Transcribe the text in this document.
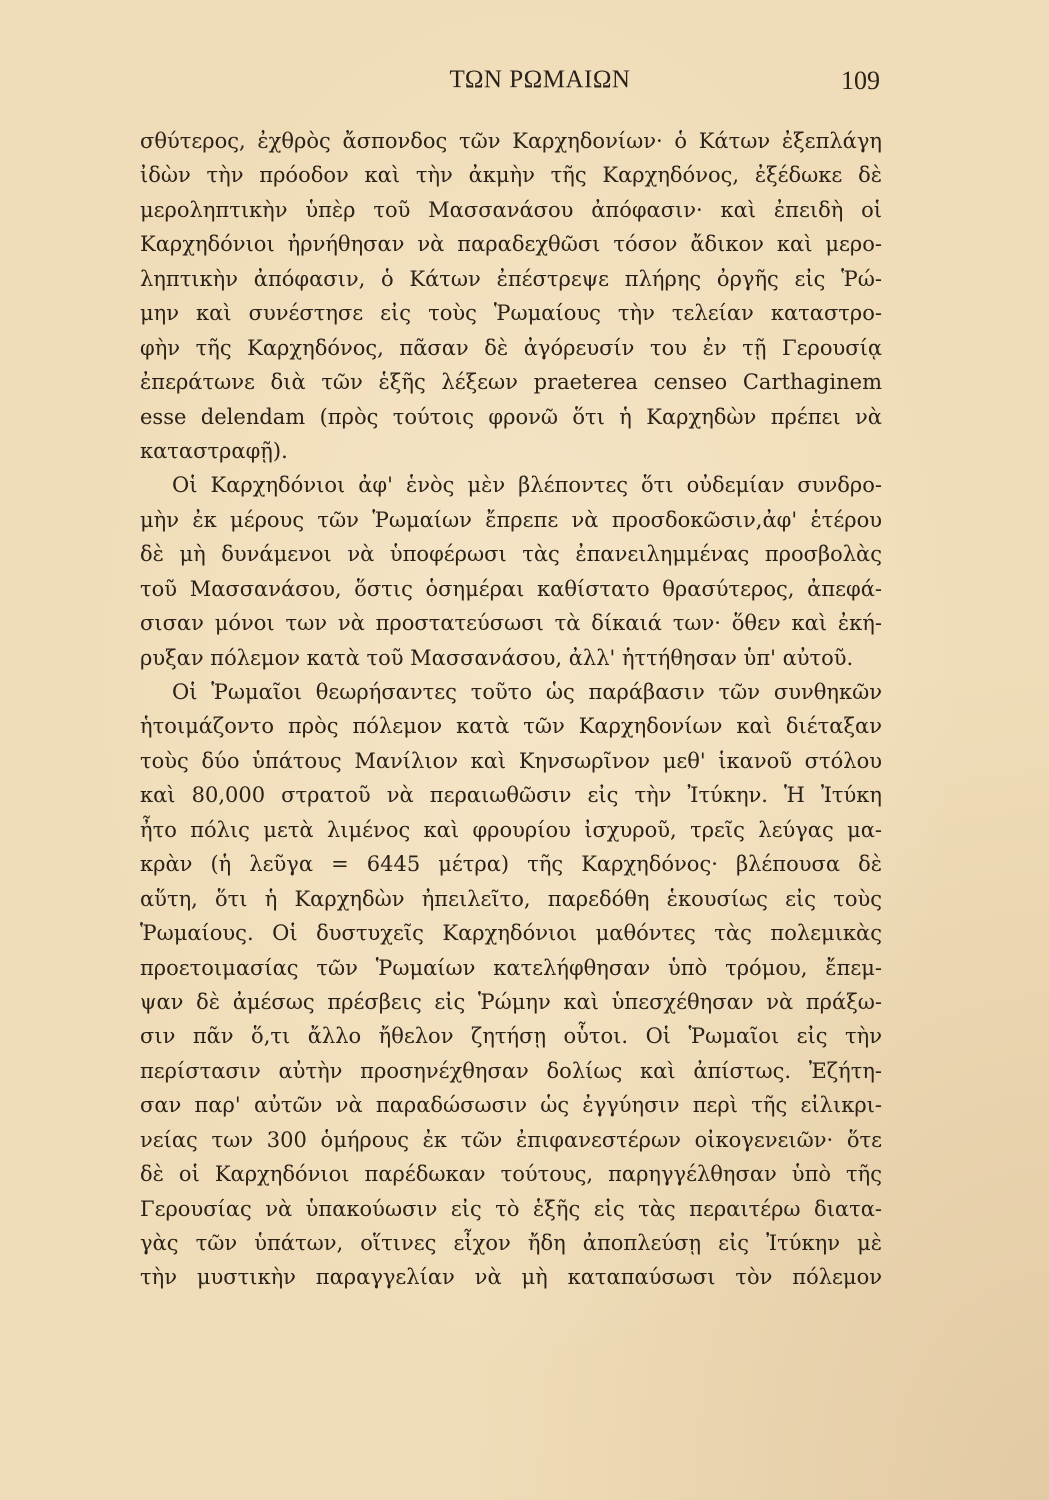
ΤΩΝ ΡΩΜΑΙΩΝ	109
σθύτερος, ἐχθρὸς ἄσπονδος τῶν Καρχηδονίων· ὁ Κάτων ἐξεπλάγη
ἰδὼν τὴν πρόοδον καὶ τὴν ἀκμὴν τῆς Καρχηδόνος, ἐξέδωκε δὲ
μεροληπτικὴν ὑπὲρ τοῦ Μασσανάσου ἀπόφασιν· καὶ ἐπειδὴ οἱ
Καρχηδόνιοι ἠρνήθησαν νὰ παραδεχθῶσι τόσον ἄδικον καὶ μερο-
ληπτικὴν ἀπόφασιν, ὁ Κάτων ἐπέστρεψε πλήρης ὀργῆς εἰς Ῥώ-
μην καὶ συνέστησε εἰς τοὺς Ῥωμαίους τὴν τελείαν καταστρο-
φὴν τῆς Καρχηδόνος, πᾶσαν δὲ ἀγόρευσίν του ἐν τῇ Γερουσίᾳ
ἐπεράτωνε διὰ τῶν ἑξῆς λέξεων praeterea censeo Carthaginem
esse delendam (πρὸς τούτοις φρονῶ ὅτι ἡ Καρχηδὼν πρέπει νὰ
καταστραφῇ).
Οἱ Καρχηδόνιοι ἀφ' ἑνὸς μὲν βλέποντες ὅτι οὐδεμίαν συνδρο-
μὴν ἐκ μέρους τῶν Ῥωμαίων ἔπρεπε νὰ προσδοκῶσιν,ἀφ' ἑτέρου
δὲ μὴ δυνάμενοι νὰ ὑποφέρωσι τὰς ἐπανειλημμένας προσβολὰς
τοῦ Μασσανάσου, ὅστις ὁσημέραι καθίστατο θρασύτερος, ἀπεφά-
σισαν μόνοι των νὰ προστατεύσωσι τὰ δίκαιά των· ὅθεν καὶ ἐκή-
ρυξαν πόλεμον κατὰ τοῦ Μασσανάσου, ἀλλ' ἡττήθησαν ὑπ' αὐτοῦ.
Οἱ Ῥωμαῖοι θεωρήσαντες τοῦτο ὡς παράβασιν τῶν συνθηκῶν
ἡτοιμάζοντο πρὸς πόλεμον κατὰ τῶν Καρχηδονίων καὶ διέταξαν
τοὺς δύο ὑπάτους Μανίλιον καὶ Κηνσωρῖνον μεθ' ἱκανοῦ στόλου
καὶ 80,000 στρατοῦ νὰ περαιωθῶσιν εἰς τὴν Ἰτύκην. Ἡ Ἰτύκη
ἦτο πόλις μετὰ λιμένος καὶ φρουρίου ἰσχυροῦ, τρεῖς λεύγας μα-
κρὰν (ἡ λεῦγα = 6445 μέτρα) τῆς Καρχηδόνος· βλέπουσα δὲ
αὕτη, ὅτι ἡ Καρχηδὼν ἠπειλεῖτο, παρεδόθη ἑκουσίως εἰς τοὺς
Ῥωμαίους. Οἱ δυστυχεῖς Καρχηδόνιοι μαθόντες τὰς πολεμικὰς
προετοιμασίας τῶν Ῥωμαίων κατελήφθησαν ὑπὸ τρόμου, ἔπεμ-
ψαν δὲ ἀμέσως πρέσβεις εἰς Ῥώμην καὶ ὑπεσχέθησαν νὰ πράξω-
σιν πᾶν ὅ,τι ἄλλο ἤθελον ζητήσῃ οὗτοι. Οἱ Ῥωμαῖοι εἰς τὴν
περίστασιν αὐτὴν προσηνέχθησαν δολίως καὶ ἀπίστως. Ἐζήτη-
σαν παρ' αὐτῶν νὰ παραδώσωσιν ὡς ἐγγύησιν περὶ τῆς εἰλικρι-
νείας των 300 ὁμήρους ἐκ τῶν ἐπιφανεστέρων οἰκογενειῶν· ὅτε
δὲ οἱ Καρχηδόνιοι παρέδωκαν τούτους, παρηγγέλθησαν ὑπὸ τῆς
Γερουσίας νὰ ὑπακούωσιν εἰς τὸ ἑξῆς εἰς τὰς περαιτέρω διατα-
γὰς τῶν ὑπάτων, οἵτινες εἶχον ἤδη ἀποπλεύσῃ εἰς Ἰτύκην μὲ
τὴν μυστικὴν παραγγελίαν νὰ μὴ καταπαύσωσι τὸν πόλεμον
